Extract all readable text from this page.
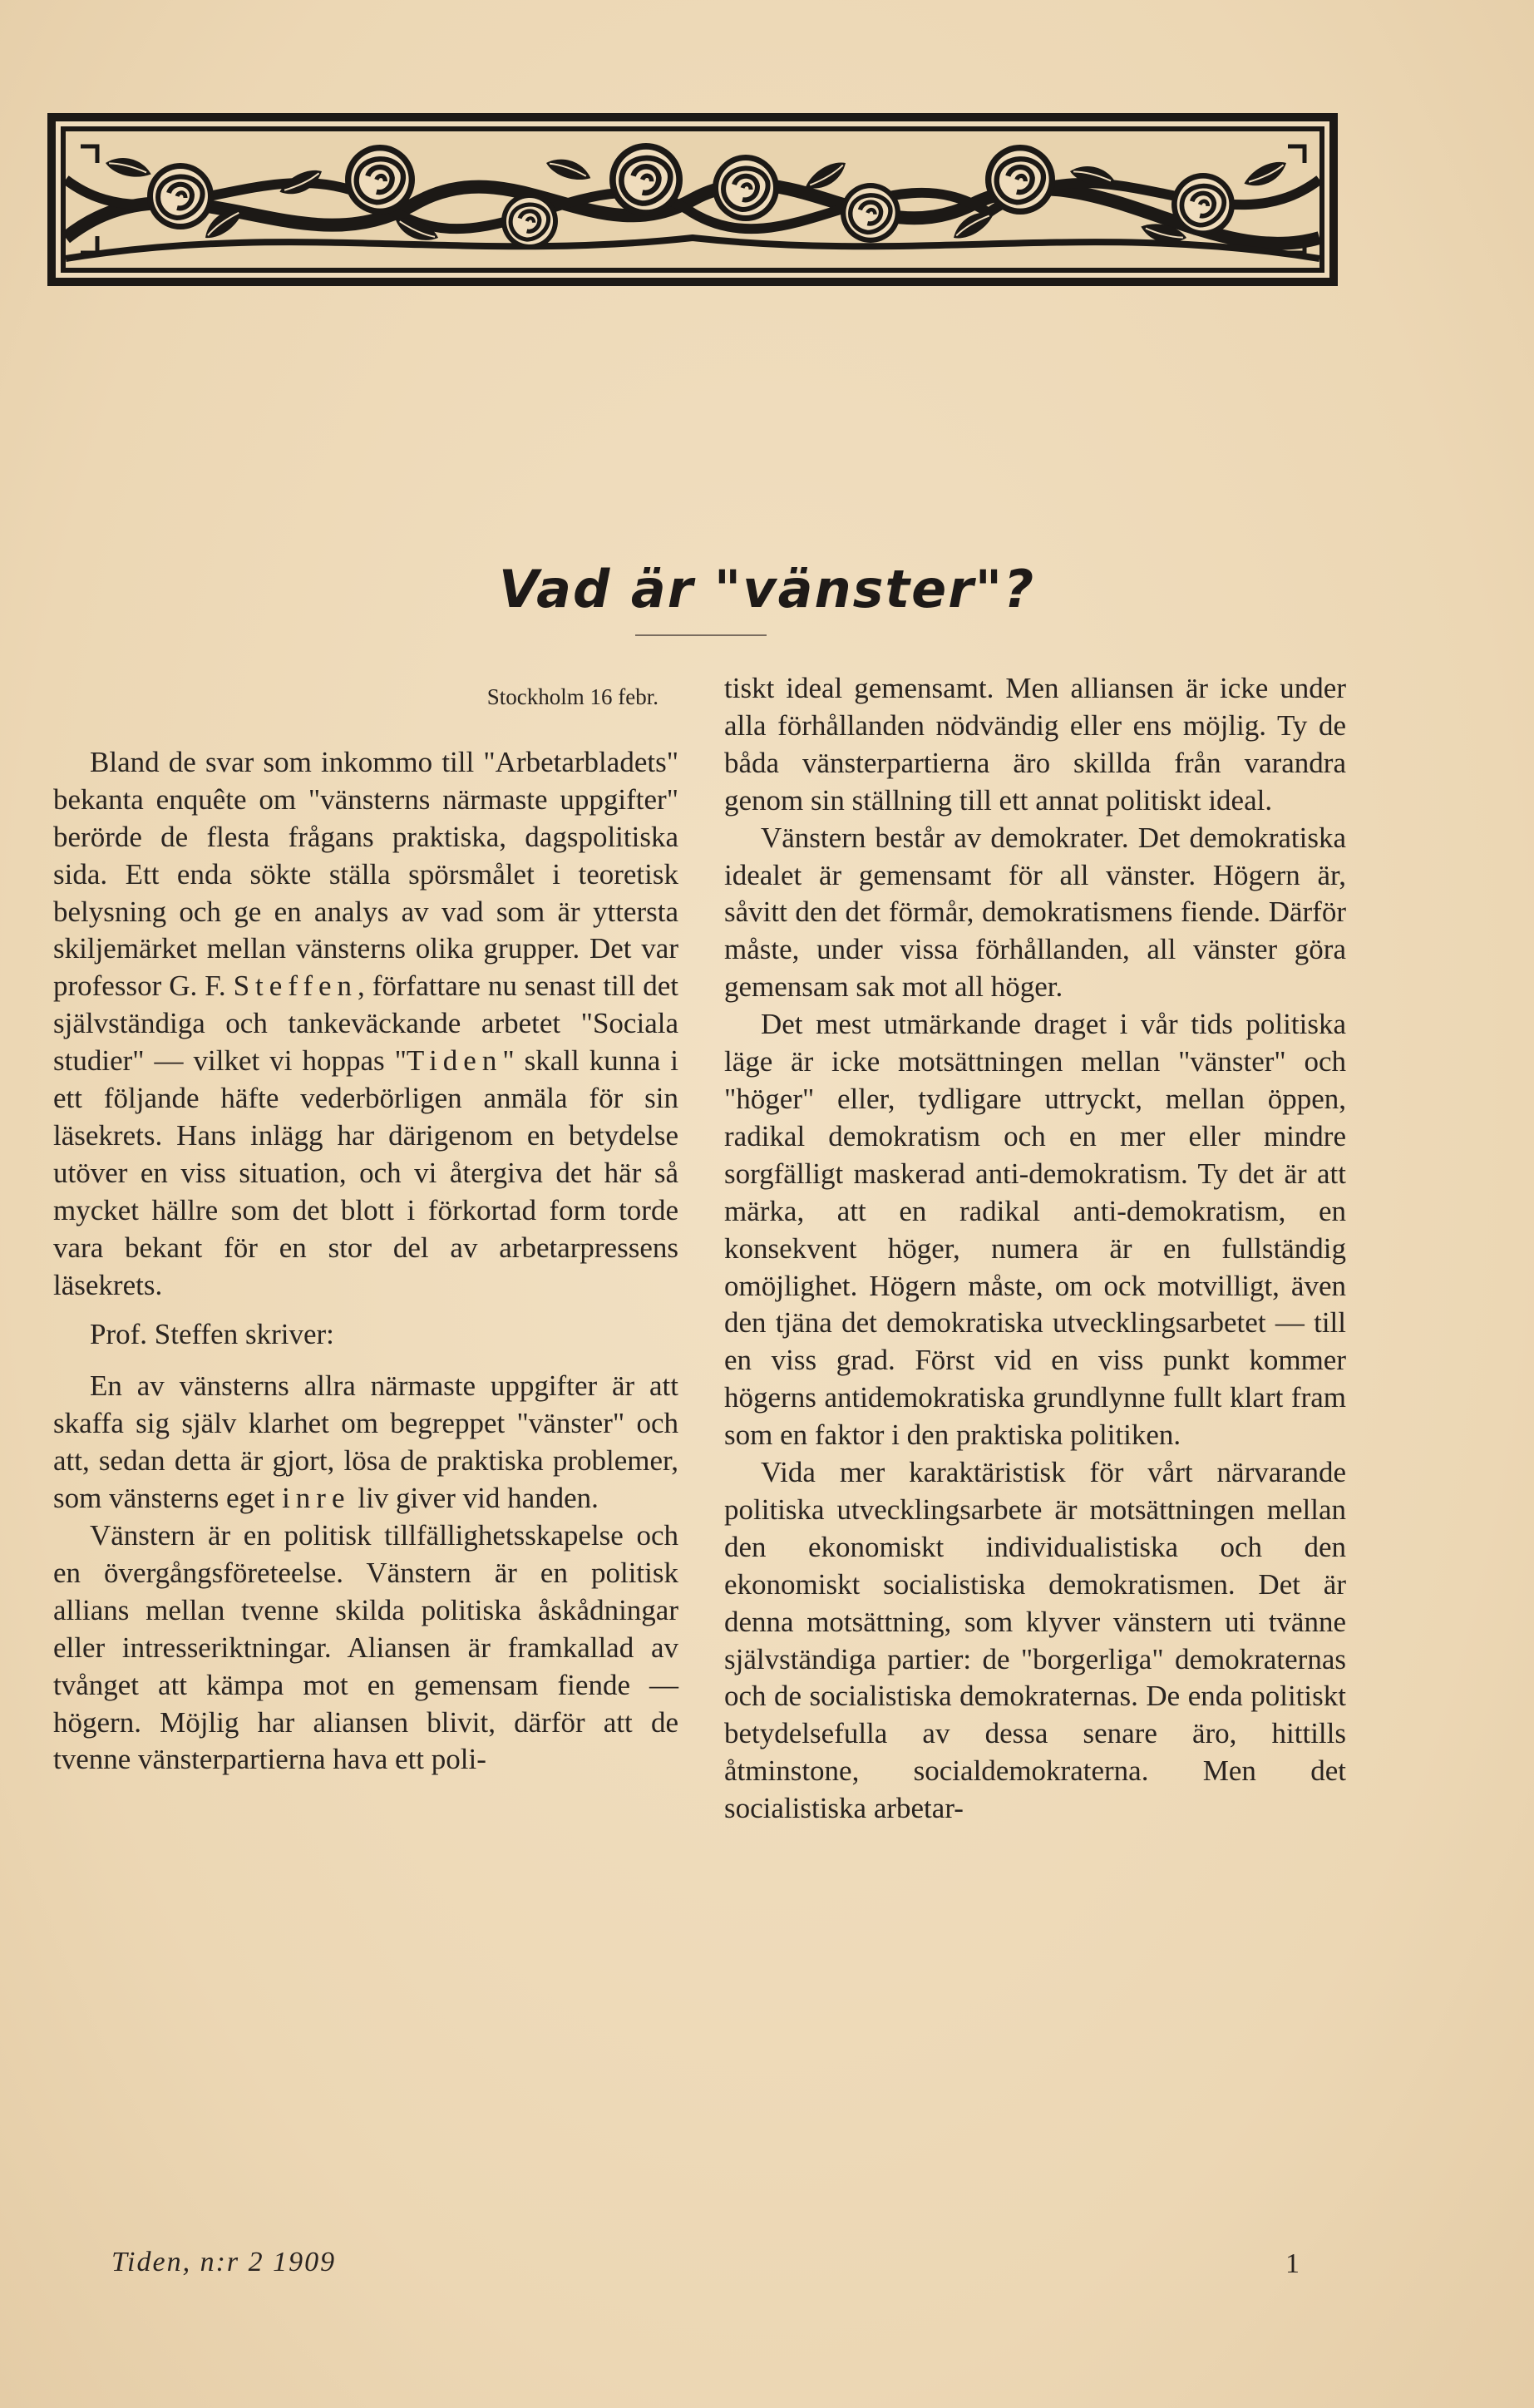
Vad är "vänster"?

Stockholm 16 febr.

Bland de svar som inkommo till "Arbetarbladets" bekanta enquête om "vänsterns närmaste uppgifter" berörde de flesta frågans praktiska, dagspolitiska sida. Ett enda sökte ställa spörsmålet i teoretisk belysning och ge en analys av vad som är yttersta skiljemärket mellan vänsterns olika grupper. Det var professor G. F. Steffen, författare nu senast till det självständiga och tankeväckande arbetet "Sociala studier" — vilket vi hoppas "Tiden" skall kunna i ett följande häfte vederbörligen anmäla för sin läsekrets. Hans inlägg har därigenom en betydelse utöver en viss situation, och vi återgiva det här så mycket hällre som det blott i förkortad form torde vara bekant för en stor del av arbetarpressens läsekrets.

Prof. Steffen skriver:

En av vänsterns allra närmaste uppgifter är att skaffa sig själv klarhet om begreppet "vänster" och att, sedan detta är gjort, lösa de praktiska problemer, som vänsterns eget inre liv giver vid handen.

Vänstern är en politisk tillfällighetsskapelse och en övergångsföreteelse. Vänstern är en politisk allians mellan tvenne skilda politiska åskådningar eller intresseriktningar. Aliansen är framkallad av tvånget att kämpa mot en gemensam fiende — högern. Möjlig har aliansen blivit, därför att de tvenne vänsterpartierna hava ett poli-

tiskt ideal gemensamt. Men alliansen är icke under alla förhållanden nödvändig eller ens möjlig. Ty de båda vänsterpartierna äro skillda från varandra genom sin ställning till ett annat politiskt ideal.

Vänstern består av demokrater. Det demokratiska idealet är gemensamt för all vänster. Högern är, såvitt den det förmår, demokratismens fiende. Därför måste, under vissa förhållanden, all vänster göra gemensam sak mot all höger.

Det mest utmärkande draget i vår tids politiska läge är icke motsättningen mellan "vänster" och "höger" eller, tydligare uttryckt, mellan öppen, radikal demokratism och en mer eller mindre sorgfälligt maskerad anti-demokratism. Ty det är att märka, att en radikal anti-demokratism, en konsekvent höger, numera är en fullständig omöjlighet. Högern måste, om ock motvilligt, även den tjäna det demokratiska utvecklingsarbetet — till en viss grad. Först vid en viss punkt kommer högerns antidemokratiska grundlynne fullt klart fram som en faktor i den praktiska politiken.

Vida mer karaktäristisk för vårt närvarande politiska utvecklingsarbete är motsättningen mellan den ekonomiskt individualistiska och den ekonomiskt socialistiska demokratismen. Det är denna motsättning, som klyver vänstern uti tvänne självständiga partier: de "borgerliga" demokraternas och de socialistiska demokraternas. De enda politiskt betydelsefulla av dessa senare äro, hittills åtminstone, socialdemokraterna. Men det socialistiska arbetar-

Tiden, n:r 2 1909	1
